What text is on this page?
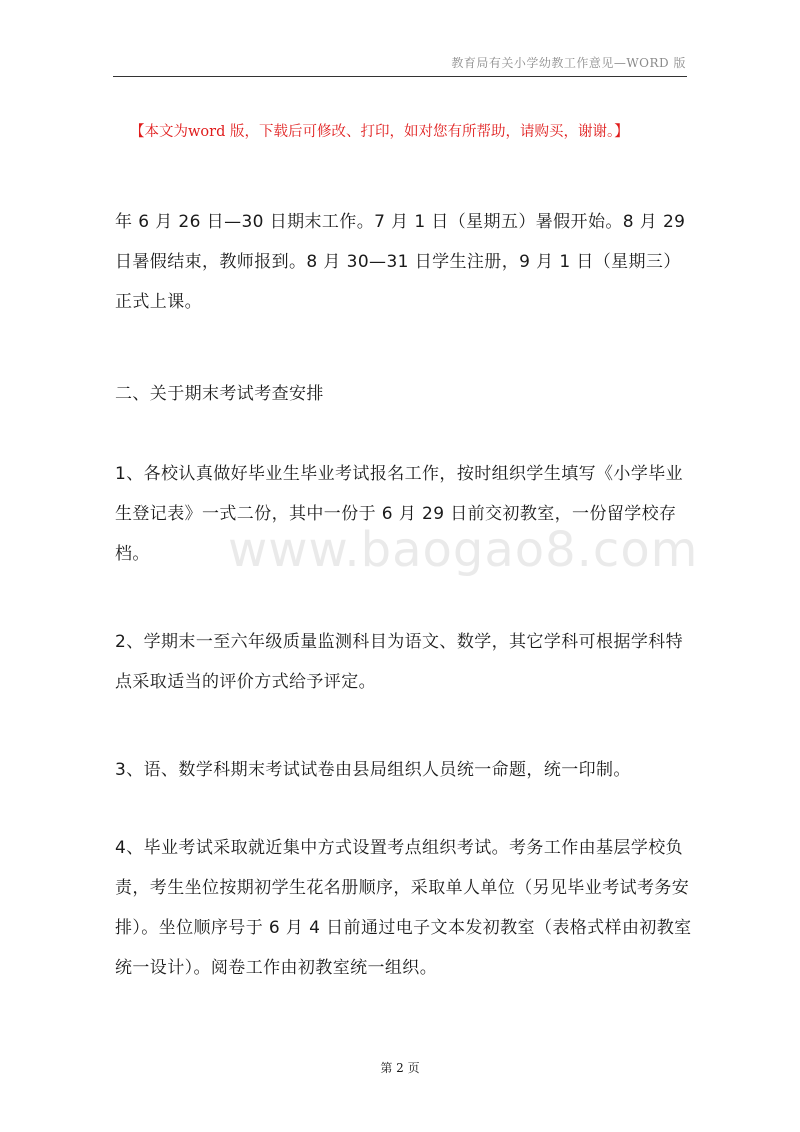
教育局有关小学幼教工作意见—WORD 版
【本文为word 版，下载后可修改、打印，如对您有所帮助，请购买，谢谢。】
年 6 月 26 日—30 日期末工作。7 月 1 日（星期五）暑假开始。8 月 29 日暑假结束，教师报到。8 月 30—31 日学生注册，9 月 1 日（星期三）正式上课。
二、关于期末考试考查安排
1、各校认真做好毕业生毕业考试报名工作，按时组织学生填写《小学毕业生登记表》一式二份，其中一份于 6 月 29 日前交初教室，一份留学校存档。
2、学期末一至六年级质量监测科目为语文、数学，其它学科可根据学科特点采取适当的评价方式给予评定。
3、语、数学科期末考试试卷由县局组织人员统一命题，统一印制。
4、毕业考试采取就近集中方式设置考点组织考试。考务工作由基层学校负责，考生坐位按期初学生花名册顺序，采取单人单位（另见毕业考试考务安排）。坐位顺序号于 6 月 4 日前通过电子文本发初教室（表格式样由初教室统一设计）。阅卷工作由初教室统一组织。
www.baogao8.com
第 2 页
